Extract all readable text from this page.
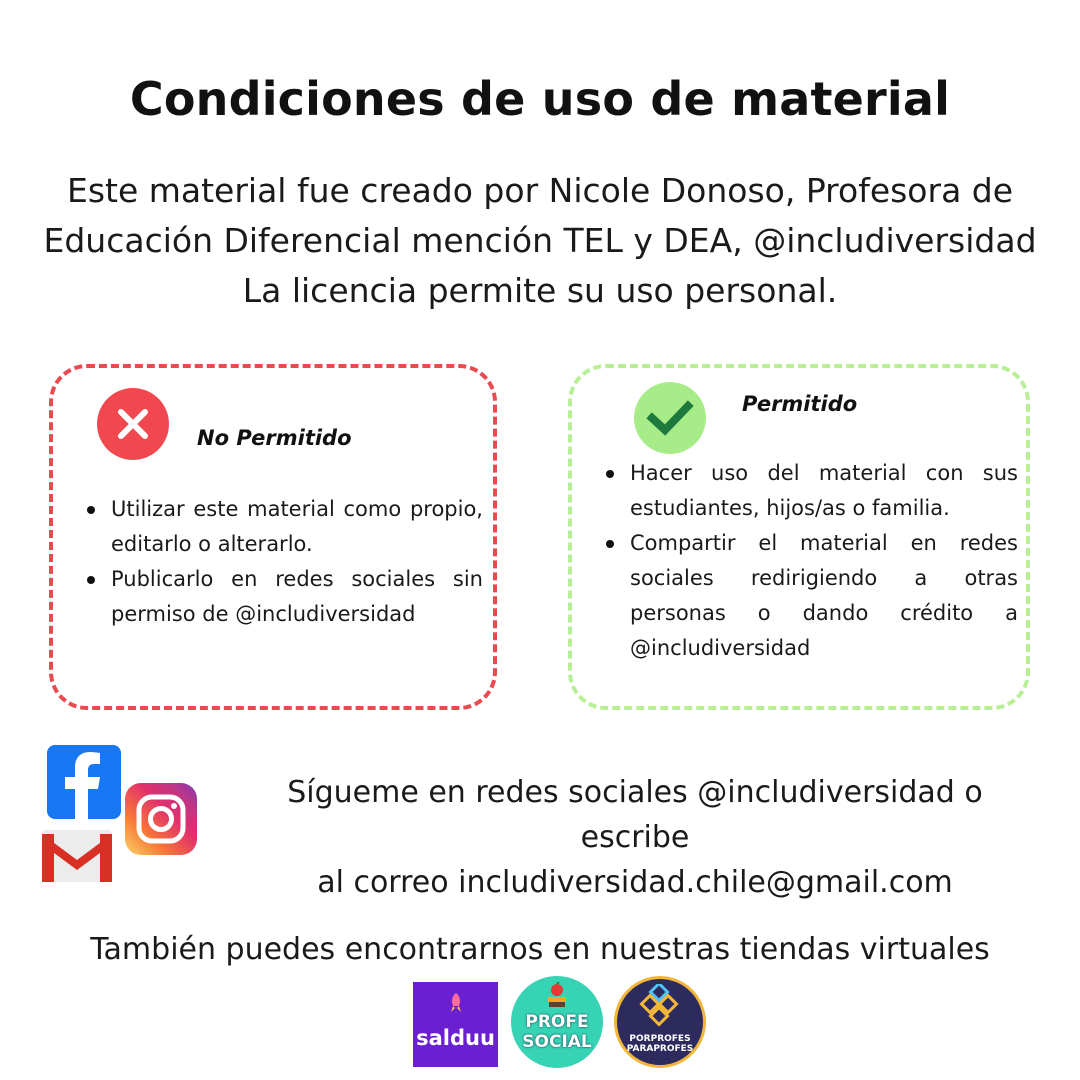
Condiciones de uso de material
Este material fue creado por Nicole Donoso, Profesora de
Educación Diferencial mención TEL y DEA, @includiversidad
La licencia permite su uso personal.
No Permitido
Utilizar este material como propio, editarlo o alterarlo.
Publicarlo en redes sociales sin permiso de @includiversidad
Permitido
Hacer uso del material con sus estudiantes, hijos/as o familia.
Compartir el material en redes sociales redirigiendo a otras personas o dando crédito a @includiversidad
Sígueme en redes sociales @includiversidad o escribe
al correo includiversidad.chile@gmail.com
También puedes encontrarnos en nuestras tiendas virtuales
salduu
PROFE
SOCIAL	PORPROFES
PARAPROFES
